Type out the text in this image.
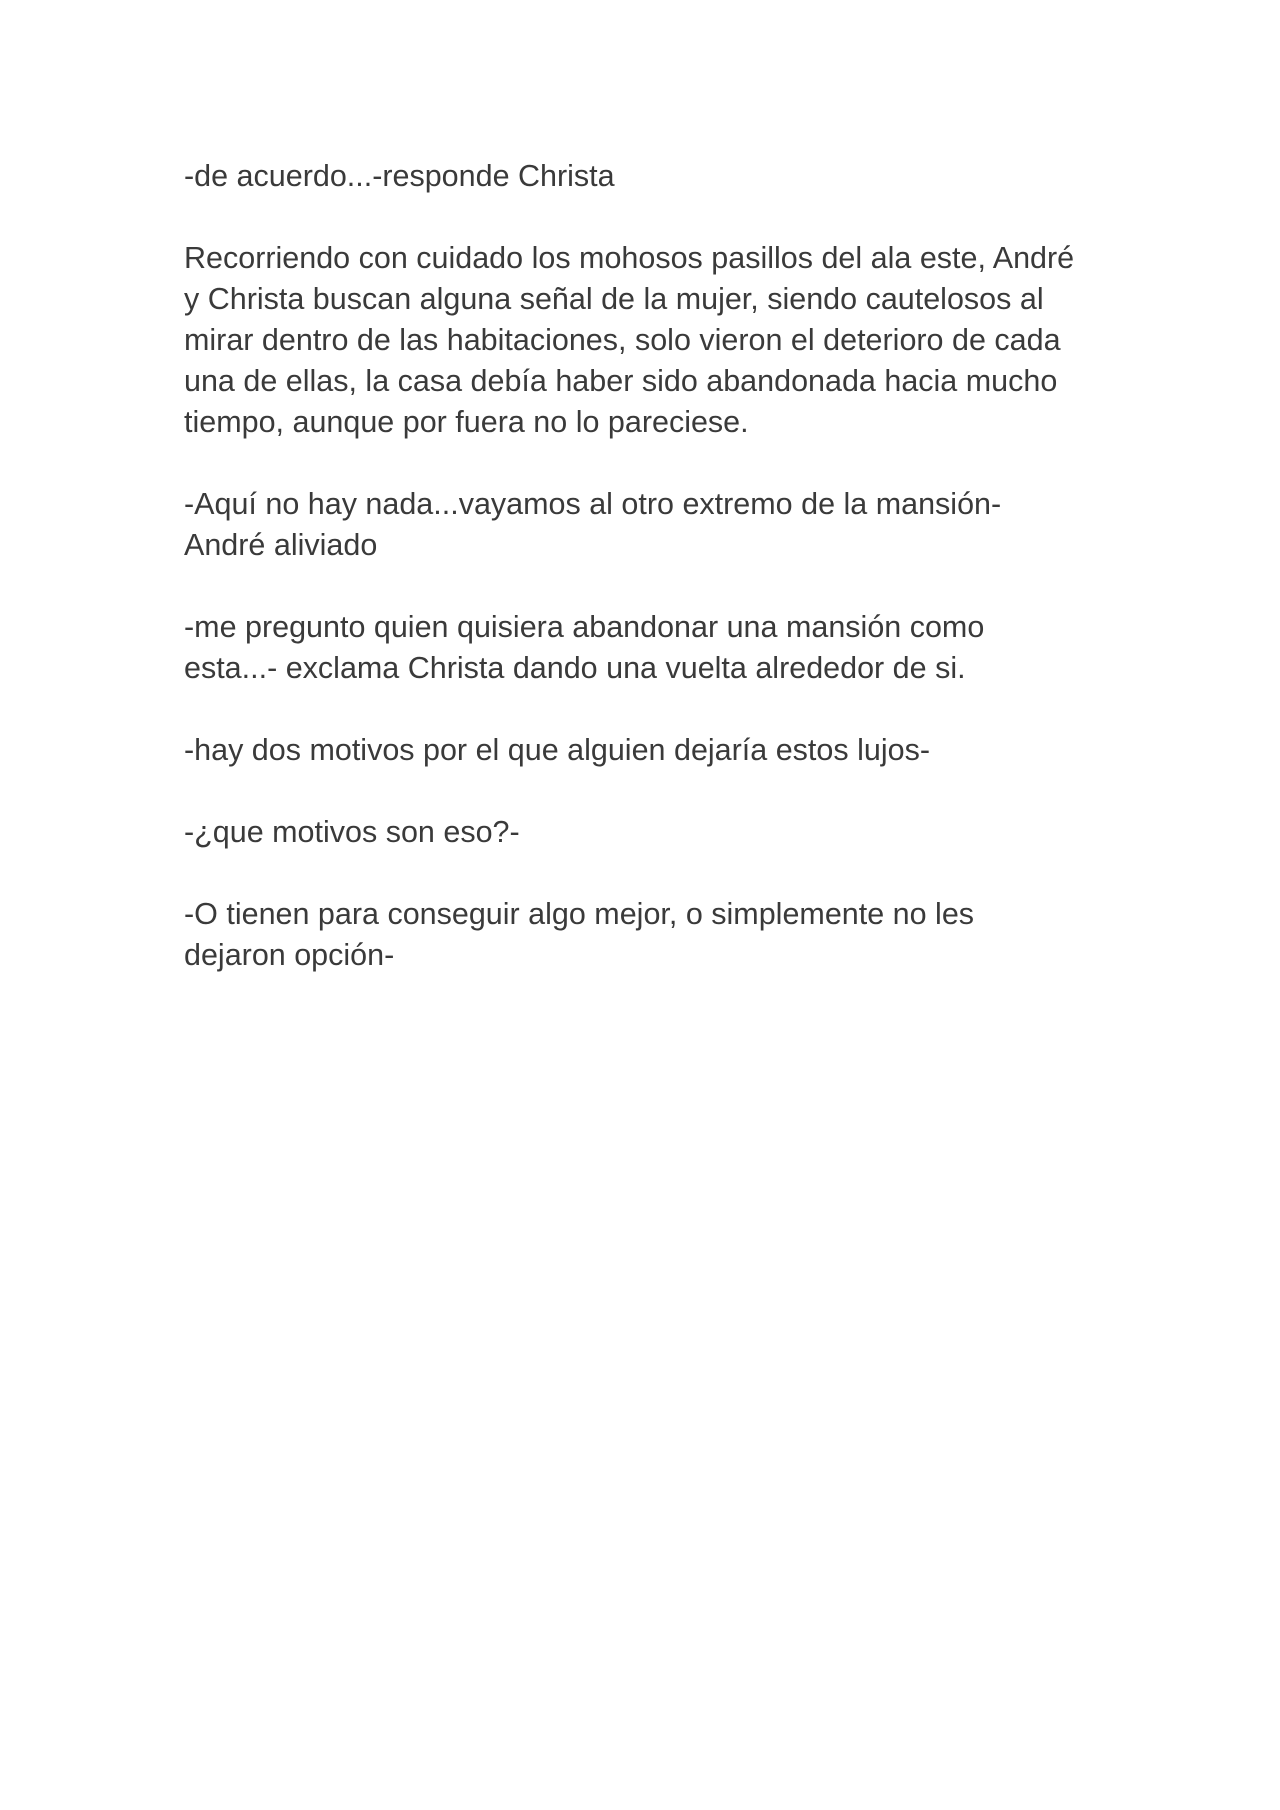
-de acuerdo...-responde Christa

Recorriendo con cuidado los mohosos pasillos del ala este, André
y Christa buscan alguna señal de la mujer, siendo cautelosos al
mirar dentro de las habitaciones, solo vieron el deterioro de cada
una de ellas, la casa debía haber sido abandonada hacia mucho
tiempo, aunque por fuera no lo pareciese.

-Aquí no hay nada...vayamos al otro extremo de la mansión-
André aliviado

-me pregunto quien quisiera abandonar una mansión como
esta...- exclama Christa dando una vuelta alrededor de si.

-hay dos motivos por el que alguien dejaría estos lujos-

-¿que motivos son eso?-

-O tienen para conseguir algo mejor, o simplemente no les
dejaron opción-
